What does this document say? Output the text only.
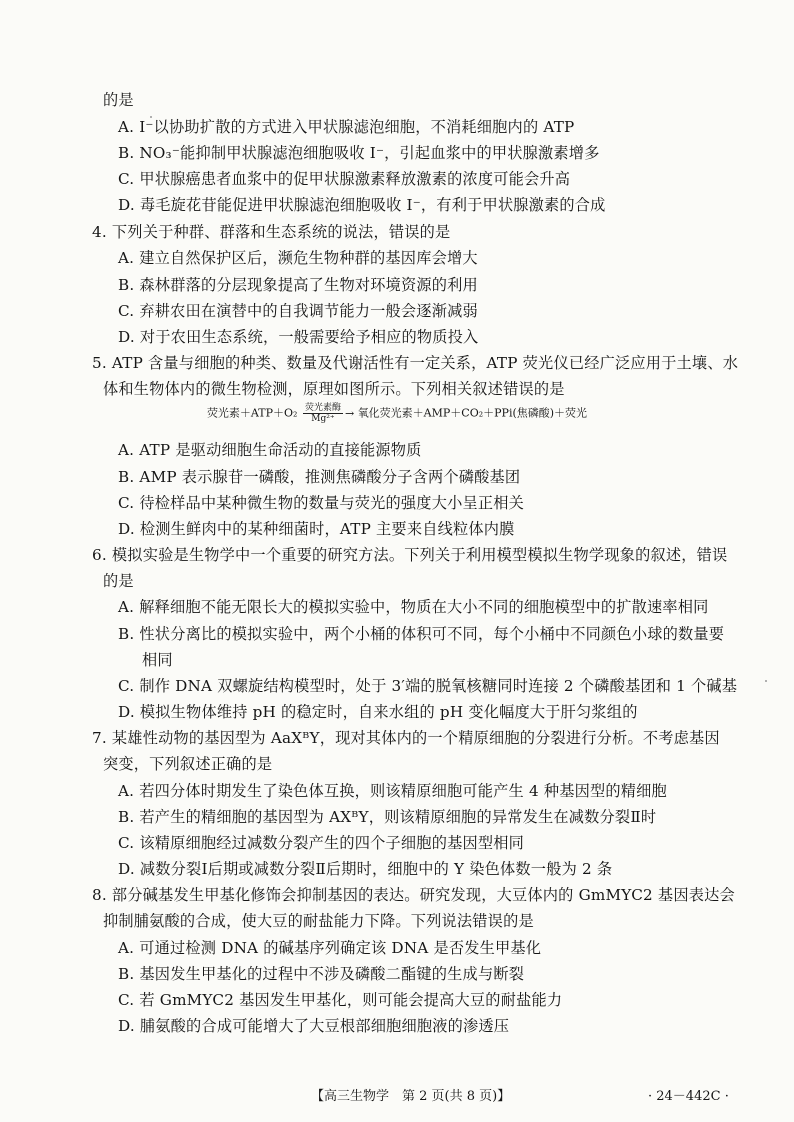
的是
A. I⁻以协助扩散的方式进入甲状腺滤泡细胞，不消耗细胞内的 ATP
B. NO₃⁻能抑制甲状腺滤泡细胞吸收 I⁻，引起血浆中的甲状腺激素增多
C. 甲状腺癌患者血浆中的促甲状腺激素释放激素的浓度可能会升高
D. 毒毛旋花苷能促进甲状腺滤泡细胞吸收 I⁻，有利于甲状腺激素的合成
4. 下列关于种群、群落和生态系统的说法，错误的是
A. 建立自然保护区后，濒危生物种群的基因库会增大
B. 森林群落的分层现象提高了生物对环境资源的利用
C. 弃耕农田在演替中的自我调节能力一般会逐渐减弱
D. 对于农田生态系统，一般需要给予相应的物质投入
5. ATP 含量与细胞的种类、数量及代谢活性有一定关系，ATP 荧光仪已经广泛应用于土壤、水
体和生物体内的微生物检测，原理如图所示。下列相关叙述错误的是
A. ATP 是驱动细胞生命活动的直接能源物质
B. AMP 表示腺苷一磷酸，推测焦磷酸分子含两个磷酸基团
C. 待检样品中某种微生物的数量与荧光的强度大小呈正相关
D. 检测生鲜肉中的某种细菌时，ATP 主要来自线粒体内膜
6. 模拟实验是生物学中一个重要的研究方法。下列关于利用模型模拟生物学现象的叙述，错误
的是
A. 解释细胞不能无限长大的模拟实验中，物质在大小不同的细胞模型中的扩散速率相同
B. 性状分离比的模拟实验中，两个小桶的体积可不同，每个小桶中不同颜色小球的数量要
相同
C. 制作 DNA 双螺旋结构模型时，处于 3′端的脱氧核糖同时连接 2 个磷酸基团和 1 个碱基
D. 模拟生物体维持 pH 的稳定时，自来水组的 pH 变化幅度大于肝匀浆组的
7. 某雄性动物的基因型为 AaXᴮY，现对其体内的一个精原细胞的分裂进行分析。不考虑基因
突变，下列叙述正确的是
A. 若四分体时期发生了染色体互换，则该精原细胞可能产生 4 种基因型的精细胞
B. 若产生的精细胞的基因型为 AXᴮY，则该精原细胞的异常发生在减数分裂Ⅱ时
C. 该精原细胞经过减数分裂产生的四个子细胞的基因型相同
D. 减数分裂Ⅰ后期或减数分裂Ⅱ后期时，细胞中的 Y 染色体数一般为 2 条
8. 部分碱基发生甲基化修饰会抑制基因的表达。研究发现，大豆体内的 GmMYC2 基因表达会
抑制脯氨酸的合成，使大豆的耐盐能力下降。下列说法错误的是
A. 可通过检测 DNA 的碱基序列确定该 DNA 是否发生甲基化
B. 基因发生甲基化的过程中不涉及磷酸二酯键的生成与断裂
C. 若 GmMYC2 基因发生甲基化，则可能会提高大豆的耐盐能力
D. 脯氨酸的合成可能增大了大豆根部细胞细胞液的渗透压
荧光素$+ATP+O_2 \frac{\text{荧光素酶}}{\text{Mg²⁺}}$ → 氧化荧光素＋AMP＋CO₂＋PPi(焦磷酸)＋荧光
【高三生物学　第 2 页(共 8 页)】	· 24－442C ·
